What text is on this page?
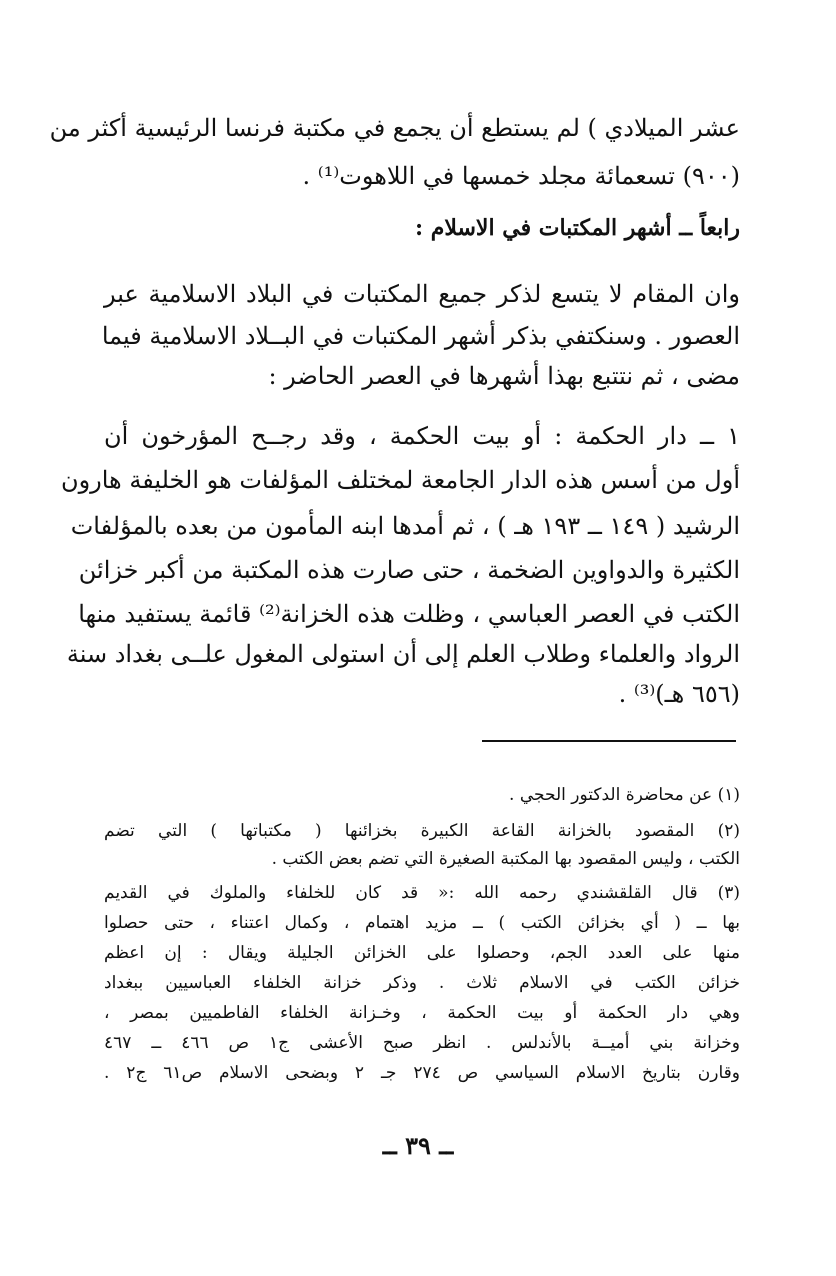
عشر الميلادي ) لم يستطع أن يجمع في مكتبة فرنسا الرئيسية أكثر من
(٩٠٠) تسعمائة مجلد خمسها في اللاهوت⁽¹⁾ .
رابعاً ــ أشهر المكتبات في الاسلام :
وان المقام لا يتسع لذكر جميع المكتبات في البلاد الاسلامية عبر
العصور . وسنكتفي بذكر أشهر المكتبات في البــلاد الاسلامية فيما
مضى ، ثم نتتبع بهذا أشهرها في العصر الحاضر :
١ ــ دار الحكمة : أو بيت الحكمة ، وقد رجــح المؤرخون أن
أول من أسس هذه الدار الجامعة لمختلف المؤلفات هو الخليفة هارون
الرشيد ( ١٤٩ ــ ١٩٣ هـ ) ، ثم أمدها ابنه المأمون من بعده بالمؤلفات
الكثيرة والدواوين الضخمة ، حتى صارت هذه المكتبة من أكبر خزائن
الكتب في العصر العباسي ، وظلت هذه الخزانة⁽²⁾ قائمة يستفيد منها
الرواد والعلماء وطلاب العلم إلى أن استولى المغول علــى بغداد سنة
(٦٥٦ هـ)⁽³⁾ .
(١) عن محاضرة الدكتور الحجي .
(٢) المقصود بالخزانة القاعة الكبيرة بخزائنها ( مكتباتها ) التي تضم
الكتب ، وليس المقصود بها المكتبة الصغيرة التي تضم بعض الكتب .
(٣) قال القلقشندي رحمه الله :« قد كان للخلفاء والملوك في القديم
بها ــ ( أي بخزائن الكتب ) ــ مزيد اهتمام ، وكمال اعتناء ، حتى حصلوا
منها على العدد الجم، وحصلوا على الخزائن الجليلة ويقال : إن اعظم
خزائن الكتب في الاسلام ثلاث . وذكر خزانة الخلفاء العباسيين ببغداد
وهي دار الحكمة أو بيت الحكمة ، وخـزانة الخلفاء الفاطميين بمصر ،
وخزانة بني أميــة بالأندلس . انظر صبح الأعشى ج١ ص ٤٦٦ ــ ٤٦٧
وقارن بتاريخ الاسلام السياسي ص ٢٧٤ جـ ٢ وبضحى الاسلام ص٦١ ج٢ .
ــ ٣٩ ــ
